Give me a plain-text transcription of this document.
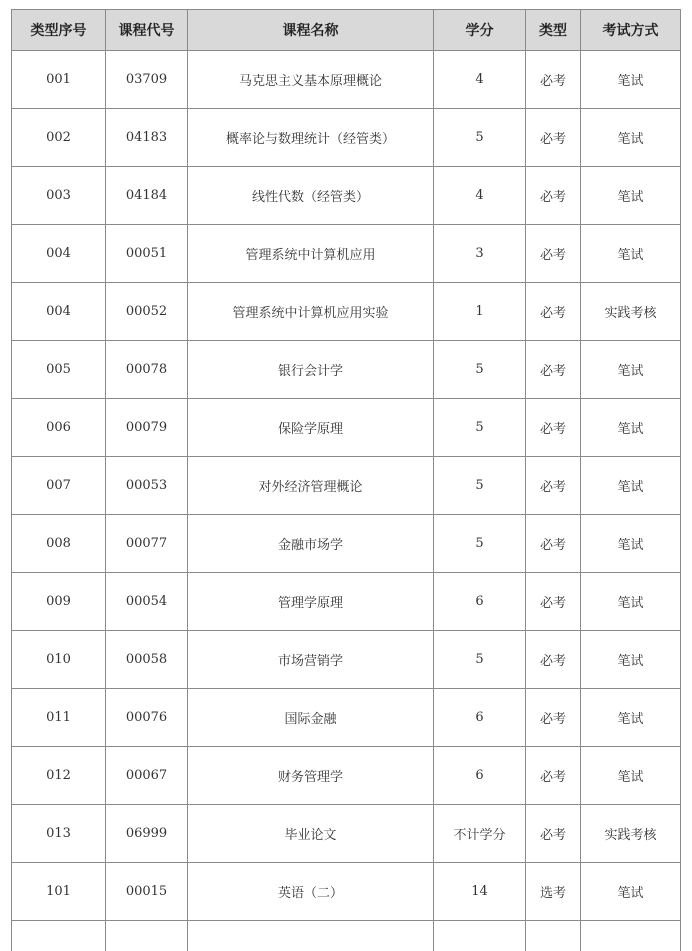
类型序号	课程代号	课程名称	学分	类型	考试方式
001	03709	马克思主义基本原理概论	4	必考	笔试
002	04183	概率论与数理统计（经管类）	5	必考	笔试
003	04184	线性代数（经管类）	4	必考	笔试
004	00051	管理系统中计算机应用	3	必考	笔试
004	00052	管理系统中计算机应用实验	1	必考	实践考核
005	00078	银行会计学	5	必考	笔试
006	00079	保险学原理	5	必考	笔试
007	00053	对外经济管理概论	5	必考	笔试
008	00077	金融市场学	5	必考	笔试
009	00054	管理学原理	6	必考	笔试
010	00058	市场营销学	5	必考	笔试
011	00076	国际金融	6	必考	笔试
012	00067	财务管理学	6	必考	笔试
013	06999	毕业论文	不计学分	必考	实践考核
101	00015	英语（二）	14	选考	笔试
